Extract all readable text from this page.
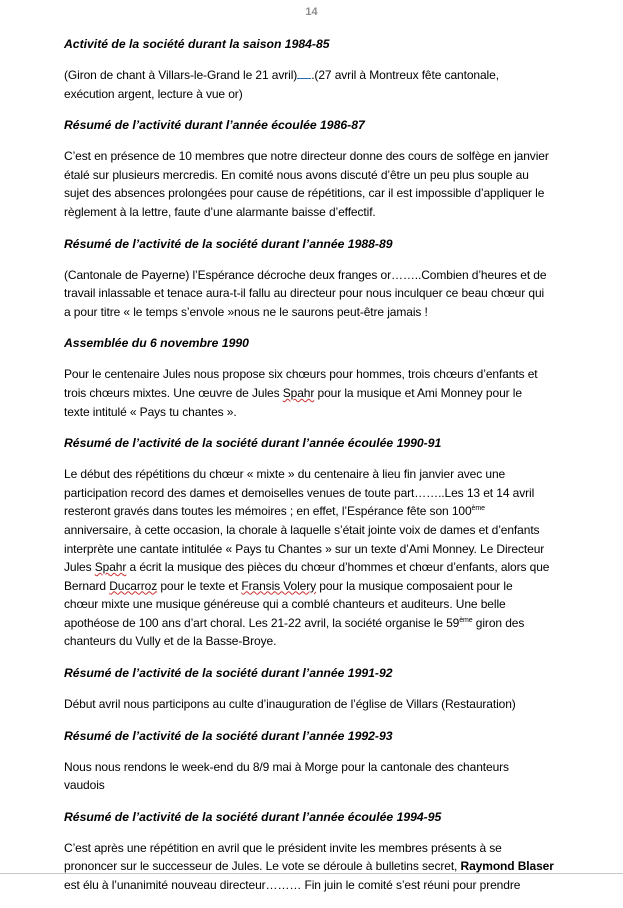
14
Activité de la société durant la saison 1984-85
(Giron de chant à Villars-le-Grand le 21 avril) .(27 avril à Montreux fête cantonale,
exécution argent, lecture à vue or)
Résumé de l’activité durant l’année écoulée 1986-87
C’est en présence de 10 membres que notre directeur donne des cours de solfège en janvier
étalé sur plusieurs mercredis. En comité nous avons discuté d’être un peu plus souple au
sujet des absences prolongées pour cause de répétitions, car il est impossible d’appliquer le
règlement à la lettre, faute d’une alarmante baisse d’effectif.
Résumé de l’activité de la société durant l’année 1988-89
(Cantonale de Payerne) l’Espérance décroche deux franges or……..Combien d’heures et de
travail inlassable et tenace aura-t-il fallu au directeur pour nous inculquer ce beau chœur qui
a pour titre « le temps s’envole »nous ne le saurons peut-être jamais !
Assemblée du 6 novembre 1990
Pour le centenaire Jules nous propose six chœurs pour hommes, trois chœurs d’enfants et
trois chœurs mixtes. Une œuvre de Jules Spahr pour la musique et Ami Monney pour le
texte intitulé « Pays tu chantes ».
Résumé de l’activité de la société durant l’année écoulée 1990-91
Le début des répétitions du chœur « mixte » du centenaire à lieu fin janvier avec une
participation record des dames et demoiselles venues de toute part……..Les 13 et 14 avril
resteront gravés dans toutes les mémoires ; en effet, l’Espérance fête son 100ème
anniversaire, à cette occasion, la chorale à laquelle s’était jointe voix de dames et d’enfants
interprète une cantate intitulée « Pays tu Chantes » sur un texte d’Ami Monney. Le Directeur
Jules Spahr a écrit la musique des pièces du chœur d’hommes et chœur d’enfants, alors que
Bernard Ducarroz pour le texte et Fransis Volery pour la musique composaient pour le
chœur mixte une musique généreuse qui a comblé chanteurs et auditeurs. Une belle
apothéose de 100 ans d’art choral. Les 21-22 avril, la société organise le 59ème giron des
chanteurs du Vully et de la Basse-Broye.
Résumé de l’activité de la société durant l’année 1991-92
Début avril nous participons au culte d’inauguration de l’église de Villars (Restauration)
Résumé de l’activité de la société durant l’année 1992-93
Nous nous rendons le week-end du 8/9 mai à Morge pour la cantonale des chanteurs
vaudois
Résumé de l’activité de la société durant l’année écoulée 1994-95
C’est après une répétition en avril que le président invite les membres présents à se
prononcer sur le successeur de Jules. Le vote se déroule à bulletins secret, Raymond Blaser
est élu à l’unanimité nouveau directeur……… Fin juin le comité s’est réuni pour prendre
